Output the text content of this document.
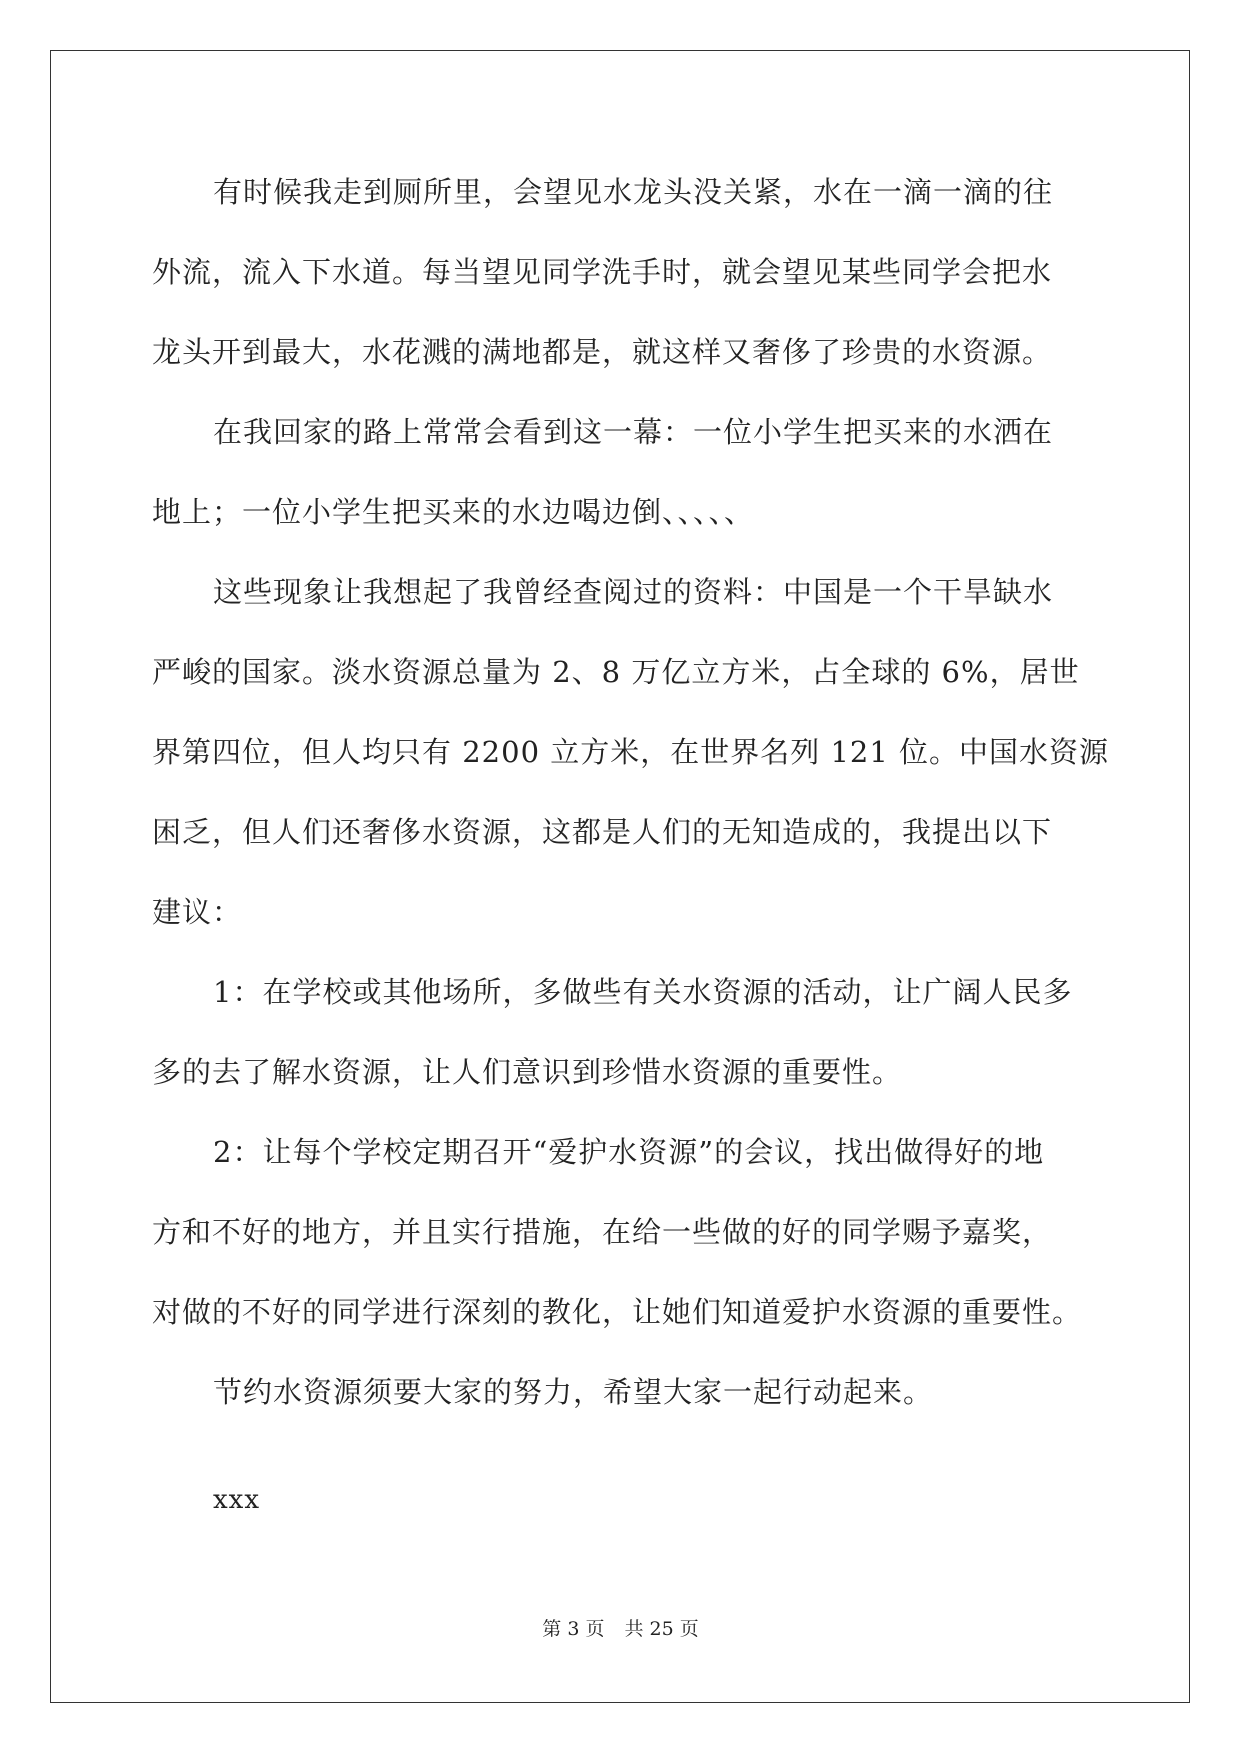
有时候我走到厕所里，会望见水龙头没关紧，水在一滴一滴的往
外流，流入下水道。每当望见同学洗手时，就会望见某些同学会把水
龙头开到最大，水花溅的满地都是，就这样又奢侈了珍贵的水资源。
在我回家的路上常常会看到这一幕：一位小学生把买来的水洒在
地上；一位小学生把买来的水边喝边倒、、、、、
这些现象让我想起了我曾经查阅过的资料：中国是一个干旱缺水
严峻的国家。淡水资源总量为 2、8 万亿立方米，占全球的 6%，居世
界第四位，但人均只有 2200 立方米，在世界名列 121 位。中国水资源
困乏，但人们还奢侈水资源，这都是人们的无知造成的，我提出以下
建议：
1：在学校或其他场所，多做些有关水资源的活动，让广阔人民多
多的去了解水资源，让人们意识到珍惜水资源的重要性。
2：让每个学校定期召开“爱护水资源”的会议，找出做得好的地
方和不好的地方，并且实行措施，在给一些做的好的同学赐予嘉奖，
对做的不好的同学进行深刻的教化，让她们知道爱护水资源的重要性。
节约水资源须要大家的努力，希望大家一起行动起来。
xxx
第 3 页 共 25 页
